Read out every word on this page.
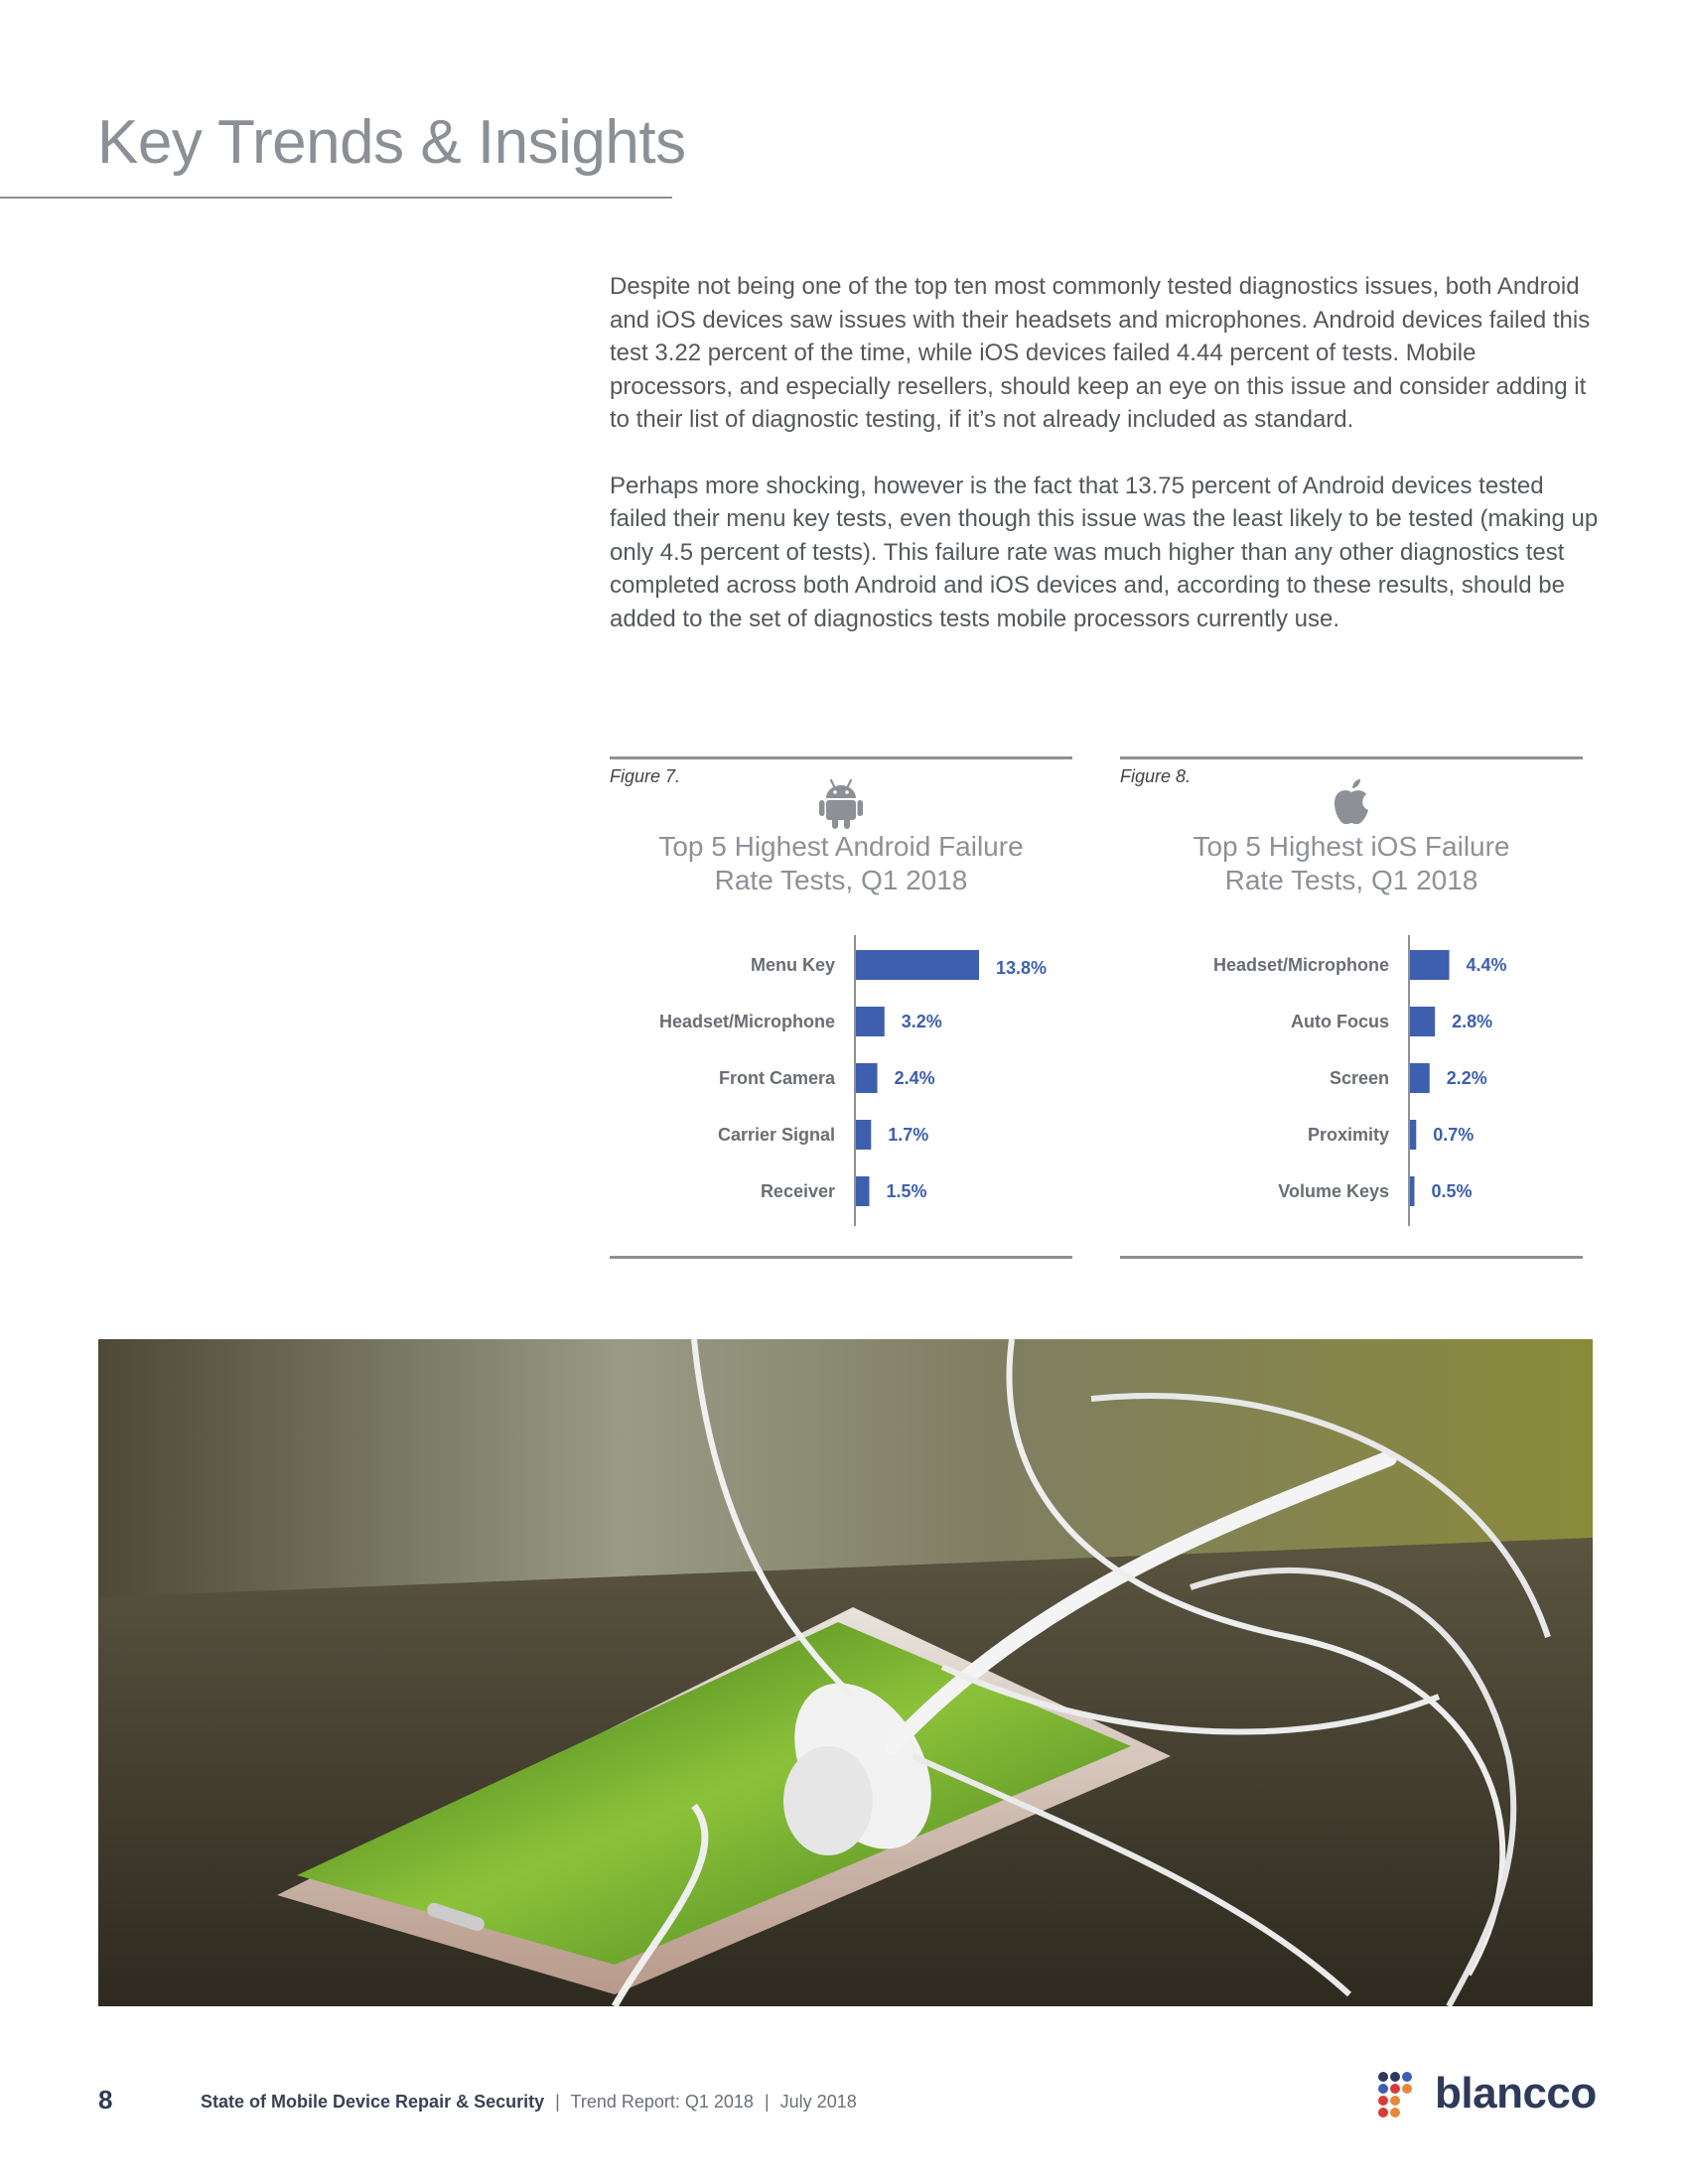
Key Trends & Insights

Despite not being one of the top ten most commonly tested diagnostics issues, both Android and iOS devices saw issues with their headsets and microphones. Android devices failed this test 3.22 percent of the time, while iOS devices failed 4.44 percent of tests. Mobile processors, and especially resellers, should keep an eye on this issue and consider adding it to their list of diagnostic testing, if it’s not already included as standard.

Perhaps more shocking, however is the fact that 13.75 percent of Android devices tested failed their menu key tests, even though this issue was the least likely to be tested (making up only 4.5 percent of tests). This failure rate was much higher than any other diagnostics test completed across both Android and iOS devices and, according to these results, should be added to the set of diagnostics tests mobile processors currently use.

Figure 7.
Top 5 Highest Android Failure
Rate Tests, Q1 2018
Menu Key	13.8%
Headset/Microphone	3.2%
Front Camera	2.4%
Carrier Signal	1.7%
Receiver	1.5%
Figure 8.
Top 5 Highest iOS Failure
Rate Tests, Q1 2018
Headset/Microphone	4.4%
Auto Focus	2.8%
Screen	2.2%
Proximity 0.7%
Volume Keys 0.5%
8	State of Mobile Device Repair & Security | Trend Report: Q1 2018 | July 2018	blancco
